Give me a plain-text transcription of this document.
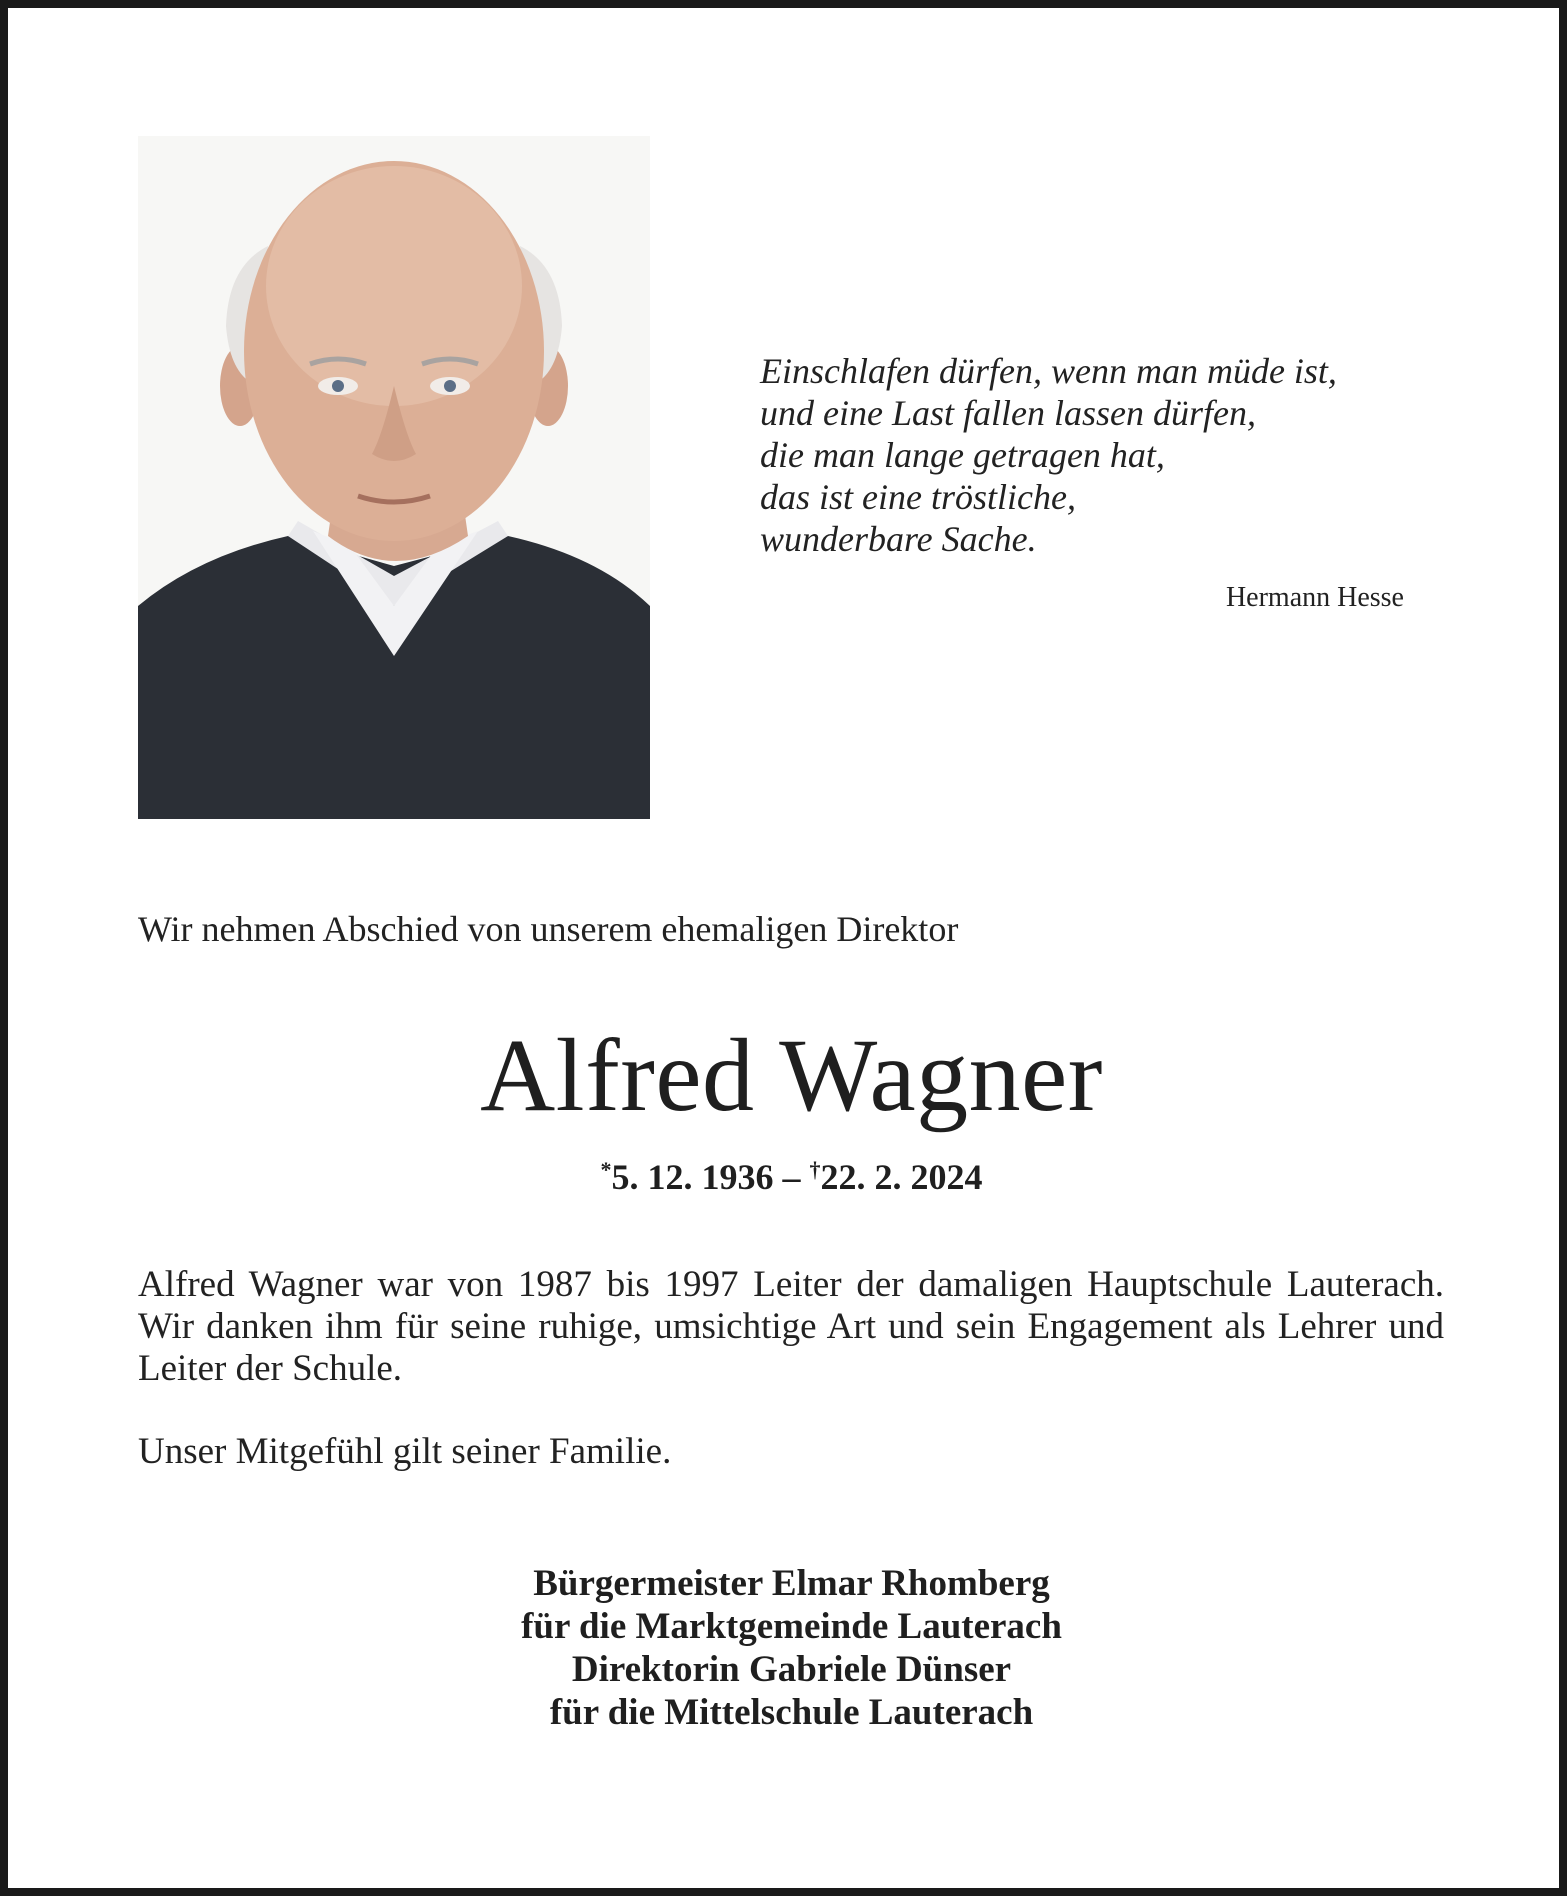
Einschlafen dürfen, wenn man müde ist,
und eine Last fallen lassen dürfen,
die man lange getragen hat,
das ist eine tröstliche,
wunderbare Sache.
Hermann Hesse
Wir nehmen Abschied von unserem ehemaligen Direktor
Alfred Wagner
*5. 12. 1936 – †22. 2. 2024
Alfred Wagner war von 1987 bis 1997 Leiter der damaligen Hauptschule Lauterach. Wir danken ihm für seine ruhige, umsichtige Art und sein Engagement als Lehrer und Leiter der Schule.
Unser Mitgefühl gilt seiner Familie.
Bürgermeister Elmar Rhomberg
für die Marktgemeinde Lauterach
Direktorin Gabriele Dünser
für die Mittelschule Lauterach
